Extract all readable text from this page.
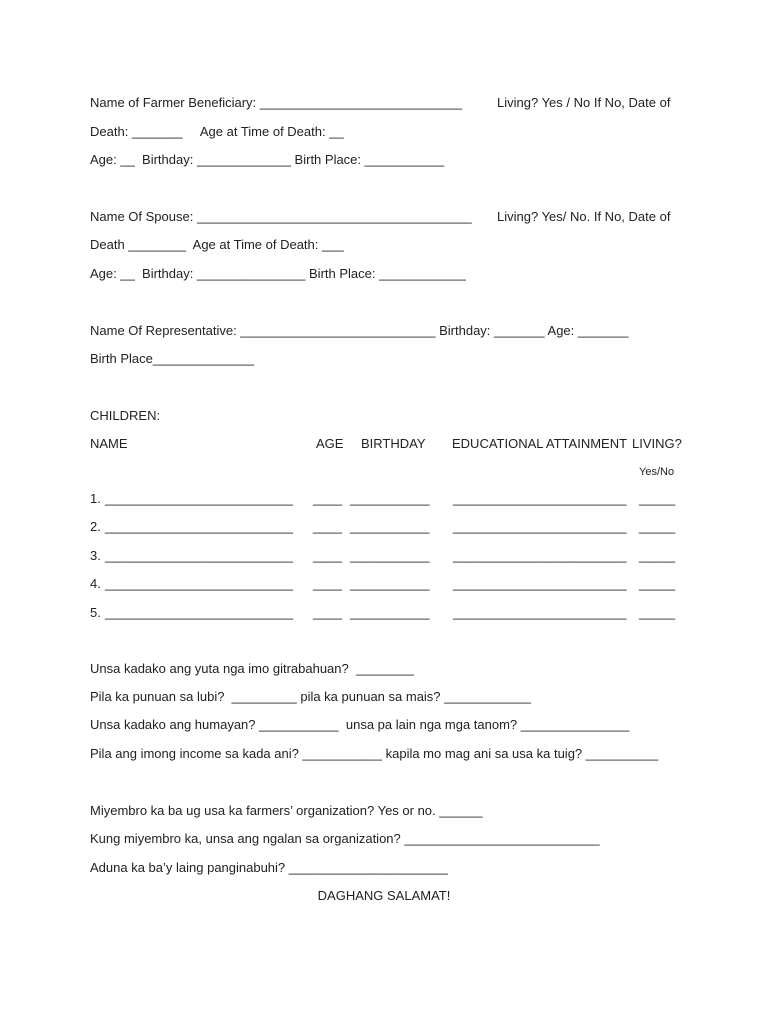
Name of Farmer Beneficiary: ____________________________	Living? Yes / No If No, Date of
Death: _______     Age at Time of Death: __
Age: __  Birthday: _____________ Birth Place: ___________
Name Of Spouse: ______________________________________ Living? Yes/ No. If No, Date of
Death ________  Age at Time of Death: ___
Age: __  Birthday: _______________ Birth Place: ____________
Name Of Representative: ___________________________ Birthday: _______ Age: _______
Birth Place______________
CHILDREN:
NAME	AGE BIRTHDAY EDUCATIONAL ATTAINMENT LIVING?
Yes/No
1. __________________________ ____ ___________ ________________________ _____
2. __________________________ ____ ___________ ________________________ _____
3. __________________________ ____ ___________ ________________________ _____
4. __________________________ ____ ___________ ________________________ _____
5. __________________________ ____ ___________ ________________________ _____
Unsa kadako ang yuta nga imo gitrabahuan?  ________
Pila ka punuan sa lubi?  _________ pila ka punuan sa mais? ____________
Unsa kadako ang humayan? ___________  unsa pa lain nga mga tanom? _______________
Pila ang imong income sa kada ani? ___________ kapila mo mag ani sa usa ka tuig? __________
Miyembro ka ba ug usa ka farmers’ organization? Yes or no. ______
Kung miyembro ka, unsa ang ngalan sa organization? ___________________________
Aduna ka ba’y laing panginabuhi? ______________________
DAGHANG SALAMAT!
